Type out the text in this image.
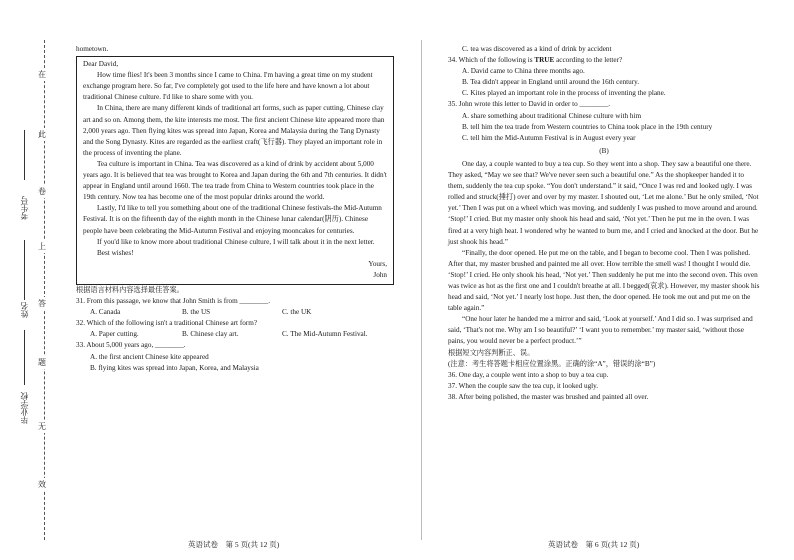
在
此
卷
上
答
题
无
效
考生号
姓名
毕业学校

hometown.

Dear David,

How time flies! It's been 3 months since I came to China. I'm having a great time on my student exchange program here. So far, I've completely got used to the life here and have known a lot about traditional Chinese culture. I'd like to share some with you.

In China, there are many different kinds of traditional art forms, such as paper cutting, Chinese clay art and so on. Among them, the kite interests me most. The first ancient Chinese kite appeared more than 2,000 years ago. Then flying kites was spread into Japan, Korea and Malaysia during the Tang Dynasty and the Song Dynasty. Kites are regarded as the earliest craft(飞行器). They played an important role in the process of inventing the plane.

Tea culture is important in China. Tea was discovered as a kind of drink by accident about 5,000 years ago. It is believed that tea was brought to Korea and Japan during the 6th and 7th centuries. It didn't appear in England until around 1660. The tea trade from China to Western countries took place in the 19th century. Now tea has become one of the most popular drinks around the world.

Lastly, I'd like to tell you something about one of the traditional Chinese festivals-the Mid-Autumn Festival. It is on the fifteenth day of the eighth month in the Chinese lunar calendar(阴历). Chinese people have been celebrating the Mid-Autumn Festival and enjoying mooncakes for centuries.

If you'd like to know more about traditional Chinese culture, I will talk about it in the next letter.

Best wishes!

Yours,

John

根据语言材料内容选择最佳答案。

31. From this passage, we know that John Smith is from ________.

A. Canada	B. the US	C. the UK

32. Which of the following isn't a traditional Chinese art form?

A. Paper cutting.	B. Chinese clay art.	C. The Mid-Autumn Festival.

33. About 5,000 years ago, ________.

A. the first ancient Chinese kite appeared

B. flying kites was spread into Japan, Korea, and Malaysia

英语试卷　第 5 页(共 12 页)

C. tea was discovered as a kind of drink by accident

34. Which of the following is TRUE according to the letter?

A. David came to China three months ago.

B. Tea didn't appear in England until around the 16th century.

C. Kites played an important role in the process of inventing the plane.

35. John wrote this letter to David in order to ________.

A. share something about traditional Chinese culture with him

B. tell him the tea trade from Western countries to China took place in the 19th century

C. tell him the Mid-Autumn Festival is in August every year

(B)

One day, a couple wanted to buy a tea cup. So they went into a shop. They saw a beautiful one there. They asked, “May we see that? We've never seen such a beautiful one.” As the shopkeeper handed it to them, suddenly the tea cup spoke. “You don't understand.” it said, “Once I was red and looked ugly. I was rolled and struck(捶打) over and over by my master. I shouted out, ‘Let me alone.’ But he only smiled, ‘Not yet.’ Then I was put on a wheel which was moving, and suddenly I was pushed to move around and around. ‘Stop!’ I cried. But my master only shook his head and said, ‘Not yet.’ Then he put me in the oven. I was fired at a very high heat. I wondered why he wanted to burn me, and I cried and knocked at the door. But he just shook his head.”

“Finally, the door opened. He put me on the table, and I began to become cool. Then I was polished. After that, my master brushed and painted me all over. How terrible the smell was! I thought I would die. ‘Stop!’ I cried. He only shook his head, ‘Not yet.’ Then suddenly he put me into the second oven. This oven was twice as hot as the first one and I couldn't breathe at all. I begged(哀求). However, my master shook his head and said, ‘Not yet.’ I nearly lost hope. Just then, the door opened. He took me out and put me on the table again.”

“One hour later he handed me a mirror and said, ‘Look at yourself.’ And I did so. I was surprised and said, ‘That's not me. Why am I so beautiful?’ ‘I want you to remember.’ my master said, ‘without those pains, you would never be a perfect product.’”

根据短文内容判断正、误。

(注意：考生将答题卡相应位置涂黑。正确的涂“A”，错误的涂“B”)

36. One day, a couple went into a shop to buy a tea cup.

37. When the couple saw the tea cup, it looked ugly.

38. After being polished, the master was brushed and painted all over.

英语试卷　第 6 页(共 12 页)
